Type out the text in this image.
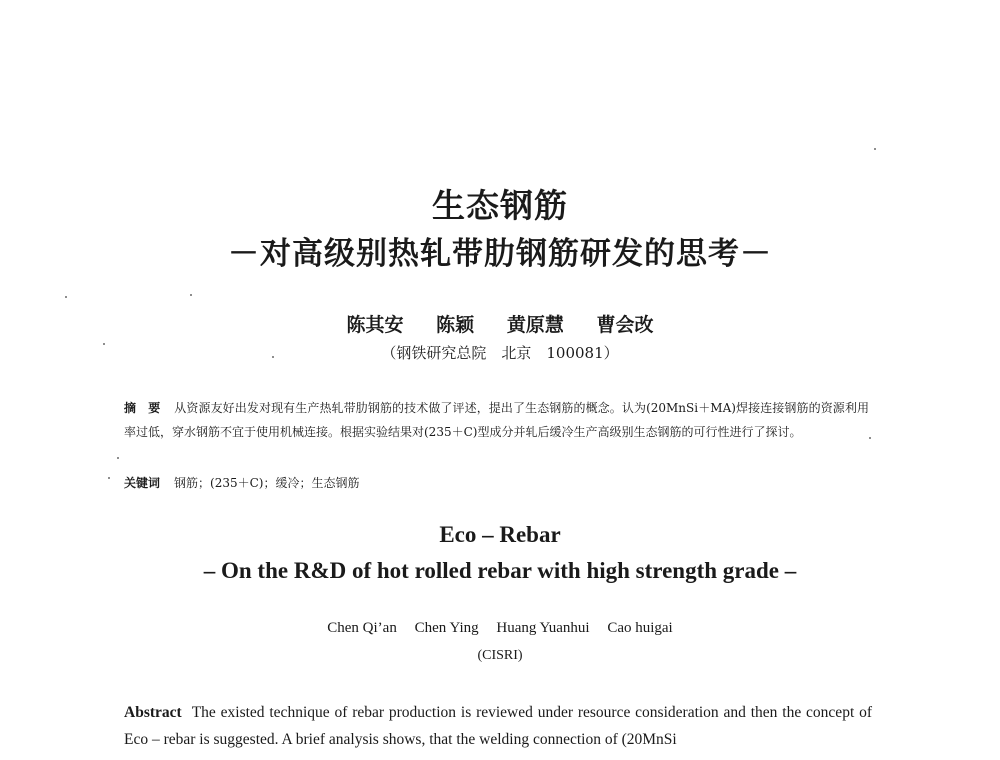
生态钢筋
－对高级别热轧带肋钢筋研发的思考－
陈其安 陈颖 黄原慧 曹会改
（钢铁研究总院　北京　100081）
摘　要 从资源友好出发对现有生产热轧带肋钢筋的技术做了评述，提出了生态钢筋的概念。认为(20MnSi＋MA)焊接连接钢筋的资源利用率过低，穿水钢筋不宜于使用机械连接。根据实验结果对(235＋C)型成分并轧后缓冷生产高级别生态钢筋的可行性进行了探讨。
关键词 钢筋；(235＋C)；缓冷；生态钢筋
Eco – Rebar
– On the R&D of hot rolled rebar with high strength grade –
Chen Qi’an Chen Ying Huang Yuanhui Cao huigai
(CISRI)
Abstract The existed technique of rebar production is reviewed under resource consideration and then the concept of Eco – rebar is suggested. A brief analysis shows, that the welding connection of (20MnSi
